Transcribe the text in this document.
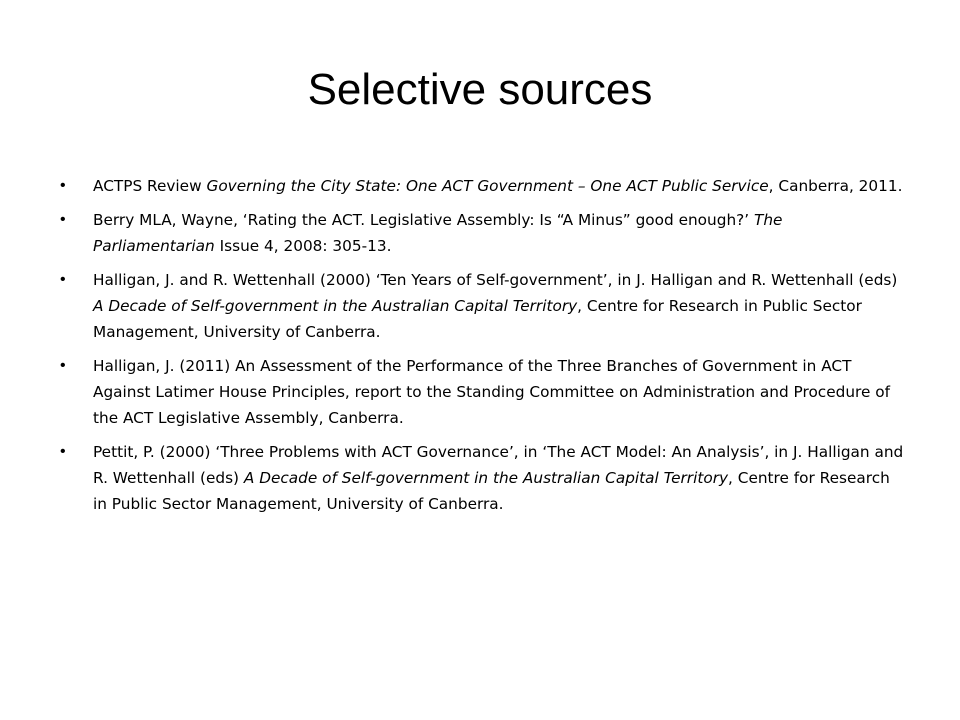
Selective sources
• ACTPS Review Governing the City State: One ACT Government – One ACT Public Service, Canberra, 2011.
• Berry MLA, Wayne, ‘Rating the ACT. Legislative Assembly: Is “A Minus” good enough?’ The Parliamentarian Issue 4, 2008: 305-13.
• Halligan, J. and R. Wettenhall (2000) ‘Ten Years of Self-government’, in J. Halligan and R. Wettenhall (eds) A Decade of Self-government in the Australian Capital Territory, Centre for Research in Public Sector Management, University of Canberra.
• Halligan, J. (2011) An Assessment of the Performance of the Three Branches of Government in ACT Against Latimer House Principles, report to the Standing Committee on Administration and Procedure of the ACT Legislative Assembly, Canberra.
• Pettit, P. (2000) ‘Three Problems with ACT Governance’, in ‘The ACT Model: An Analysis’, in J. Halligan and R. Wettenhall (eds) A Decade of Self-government in the Australian Capital Territory, Centre for Research in Public Sector Management, University of Canberra.
